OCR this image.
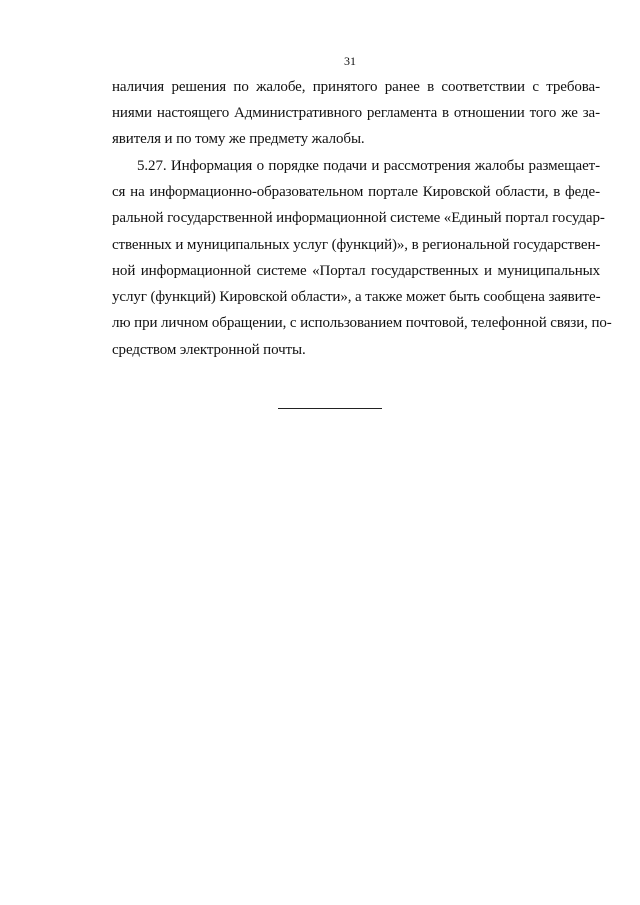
31
наличия решения по жалобе, принятого ранее в соответствии с требова-
ниями настоящего Административного регламента в отношении того же за-
явителя и по тому же предмету жалобы.
5.27. Информация о порядке подачи и рассмотрения жалобы размещает-
ся на информационно-образовательном портале Кировской области, в феде-
ральной государственной информационной системе «Единый портал государ-
ственных и муниципальных услуг (функций)», в региональной государствен-
ной информационной системе «Портал государственных и муниципальных
услуг (функций) Кировской области», а также может быть сообщена заявите-
лю при личном обращении, с использованием почтовой, телефонной связи, по-
средством электронной почты.
